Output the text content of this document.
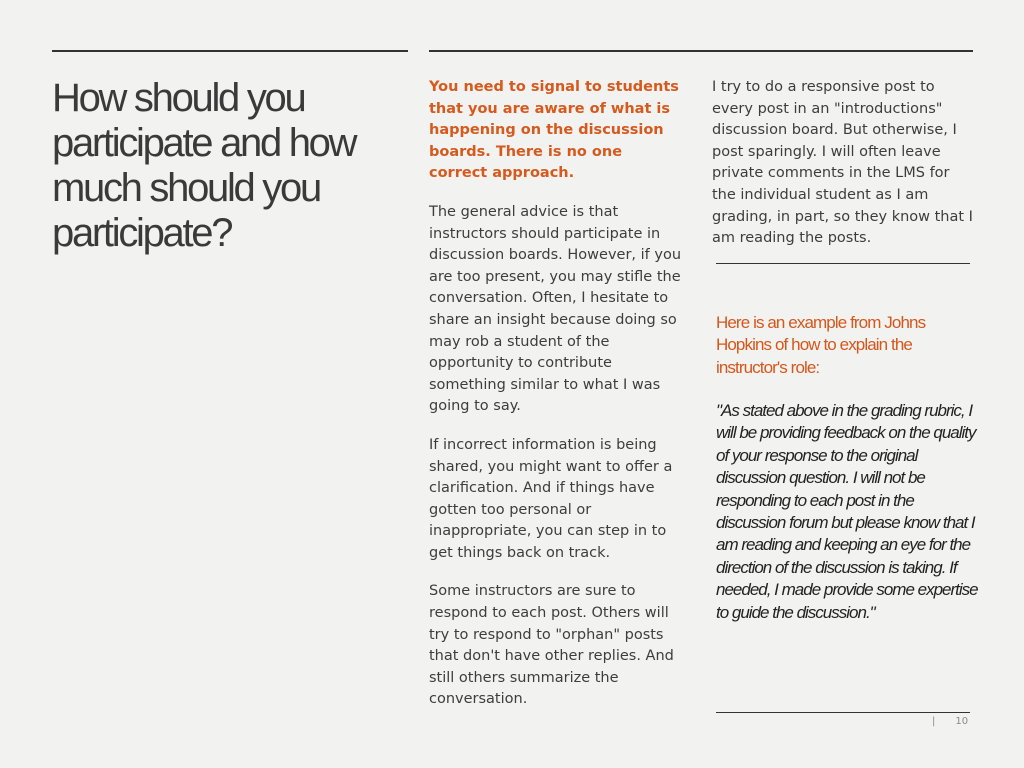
How should you participate and how much should you participate?

You need to signal to students that you are aware of what is happening on the discussion boards. There is no one correct approach.

The general advice is that instructors should participate in discussion boards. However, if you are too present, you may stifle the conversation. Often, I hesitate to share an insight because doing so may rob a student of the opportunity to contribute something similar to what I was going to say.

If incorrect information is being shared, you might want to offer a clarification. And if things have gotten too personal or inappropriate, you can step in to get things back on track.

Some instructors are sure to respond to each post. Others will try to respond to "orphan" posts that don't have other replies. And still others summarize the conversation.

I try to do a responsive post to every post in an "introductions" discussion board. But otherwise, I post sparingly. I will often leave private comments in the LMS for the individual student as I am grading, in part, so they know that I am reading the posts.

Here is an example from Johns Hopkins of how to explain the instructor's role:

"As stated above in the grading rubric, I will be providing feedback on the quality of your response to the original discussion question. I will not be responding to each post in the discussion forum but please know that I am reading and keeping an eye for the direction of the discussion is taking. If needed, I made provide some expertise to guide the discussion."

| 10
